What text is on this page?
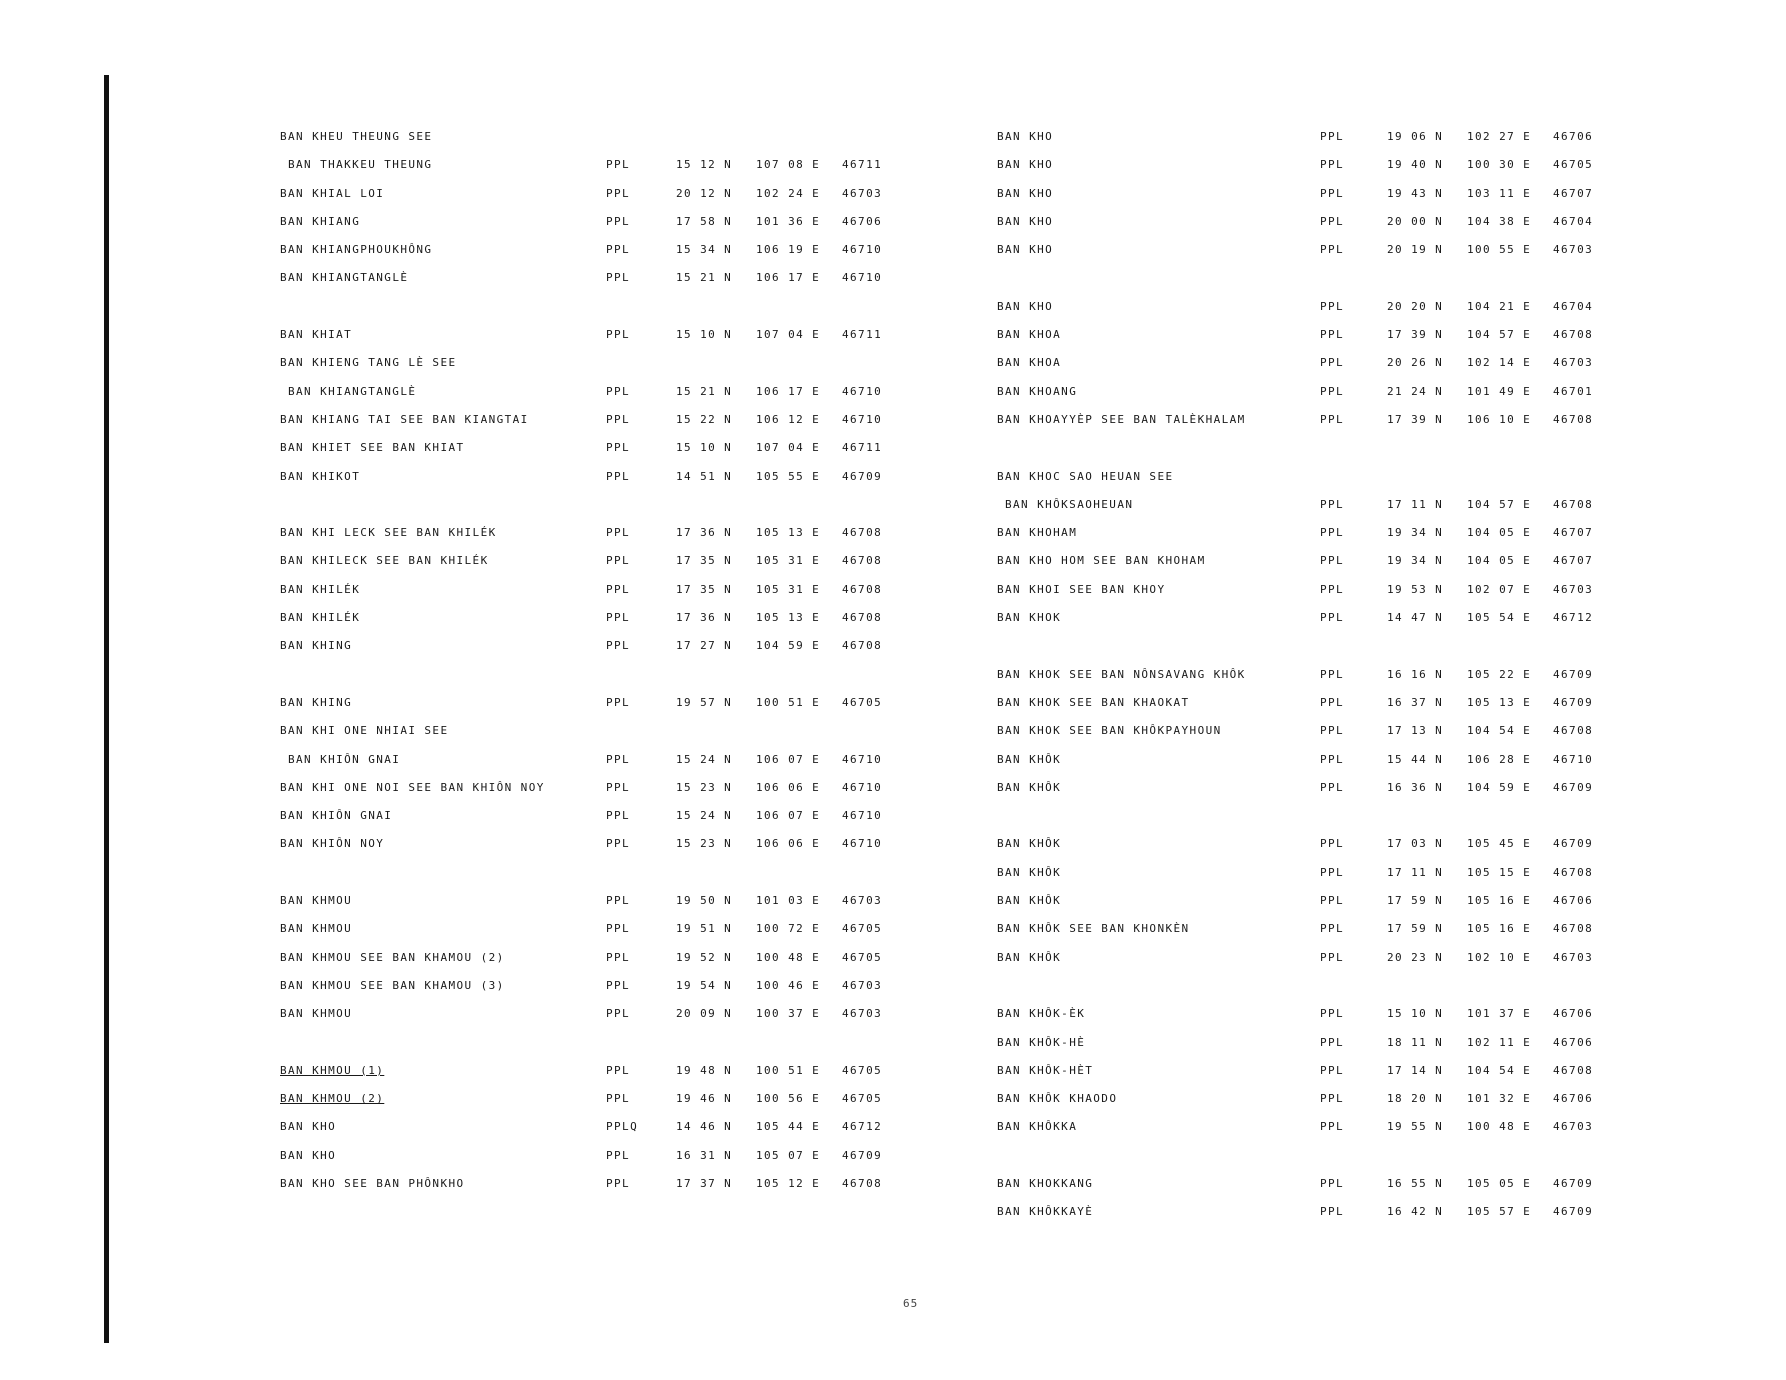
BAN KHEU THEUNG SEE
BAN THAKKEU THEUNG	PPL	15 12 N 107 08 E 46711
BAN KHIAL LOI	PPL	20 12 N 102 24 E 46703
BAN KHIANG	PPL	17 58 N 101 36 E 46706
BAN KHIANGPHOUKHÔNG	PPL	15 34 N 106 19 E 46710
BAN KHIANGTANGLÈ	PPL	15 21 N 106 17 E 46710
BAN KHIAT	PPL	15 10 N 107 04 E 46711
BAN KHIENG TANG LÈ SEE
BAN KHIANGTANGLÈ	PPL	15 21 N 106 17 E 46710
BAN KHIANG TAI SEE BAN KIANGTAI	PPL	15 22 N 106 12 E 46710
BAN KHIET SEE BAN KHIAT	PPL	15 10 N 107 04 E 46711
BAN KHIKOT	PPL	14 51 N 105 55 E 46709
BAN KHI LECK SEE BAN KHILÉK	PPL	17 36 N 105 13 E 46708
BAN KHILECK SEE BAN KHILÉK	PPL	17 35 N 105 31 E 46708
BAN KHILÉK	PPL	17 35 N 105 31 E 46708
BAN KHILÉK	PPL	17 36 N 105 13 E 46708
BAN KHING	PPL	17 27 N 104 59 E 46708
BAN KHING	PPL	19 57 N 100 51 E 46705
BAN KHI ONE NHIAI SEE
BAN KHIÔN GNAI	PPL	15 24 N 106 07 E 46710
BAN KHI ONE NOI SEE BAN KHIÔN NOY	PPL	15 23 N 106 06 E 46710
BAN KHIÔN GNAI	PPL	15 24 N 106 07 E 46710
BAN KHIÔN NOY	PPL	15 23 N 106 06 E 46710
BAN KHMOU	PPL	19 50 N 101 03 E 46703
BAN KHMOU	PPL	19 51 N 100 72 E 46705
BAN KHMOU SEE BAN KHAMOU (2)	PPL	19 52 N 100 48 E 46705
BAN KHMOU SEE BAN KHAMOU (3)	PPL	19 54 N 100 46 E 46703
BAN KHMOU	PPL	20 09 N 100 37 E 46703
BAN KHMOU (1)	PPL	19 48 N 100 51 E 46705
BAN KHMOU (2)	PPL	19 46 N 100 56 E 46705
BAN KHO	PPLQ	14 46 N 105 44 E 46712
BAN KHO	PPL	16 31 N 105 07 E 46709
BAN KHO SEE BAN PHÔNKHO	PPL	17 37 N 105 12 E 46708
BAN KHO	PPL	19 06 N 102 27 E 46706
BAN KHO	PPL	19 40 N 100 30 E 46705
BAN KHO	PPL	19 43 N 103 11 E 46707
BAN KHO	PPL	20 00 N 104 38 E 46704
BAN KHO	PPL	20 19 N 100 55 E 46703
BAN KHO	PPL	20 20 N 104 21 E 46704
BAN KHOA	PPL	17 39 N 104 57 E 46708
BAN KHOA	PPL	20 26 N 102 14 E 46703
BAN KHOANG	PPL	21 24 N 101 49 E 46701
BAN KHOAYYÈP SEE BAN TALÈKHALAM	PPL	17 39 N 106 10 E 46708
BAN KHOC SAO HEUAN SEE
BAN KHÔKSAOHEUAN	PPL	17 11 N 104 57 E 46708
BAN KHOHAM	PPL	19 34 N 104 05 E 46707
BAN KHO HOM SEE BAN KHOHAM	PPL	19 34 N 104 05 E 46707
BAN KHOI SEE BAN KHOY	PPL	19 53 N 102 07 E 46703
BAN KHOK	PPL	14 47 N 105 54 E 46712
BAN KHOK SEE BAN NÔNSAVANG KHÔK	PPL	16 16 N 105 22 E 46709
BAN KHOK SEE BAN KHAOKAT	PPL	16 37 N 105 13 E 46709
BAN KHOK SEE BAN KHÔKPAYHOUN	PPL	17 13 N 104 54 E 46708
BAN KHÔK	PPL	15 44 N 106 28 E 46710
BAN KHÔK	PPL	16 36 N 104 59 E 46709
BAN KHÔK	PPL	17 03 N 105 45 E 46709
BAN KHÔK	PPL	17 11 N 105 15 E 46708
BAN KHÔK	PPL	17 59 N 105 16 E 46706
BAN KHÔK SEE BAN KHONKÈN	PPL	17 59 N 105 16 E 46708
BAN KHÔK	PPL	20 23 N 102 10 E 46703
BAN KHÔK-ÈK	PPL	15 10 N 101 37 E 46706
BAN KHÔK-HÈ	PPL	18 11 N 102 11 E 46706
BAN KHÔK-HÈT	PPL	17 14 N 104 54 E 46708
BAN KHÔK KHAODO	PPL	18 20 N 101 32 E 46706
BAN KHÔKKA	PPL	19 55 N 100 48 E 46703
BAN KHOKKANG	PPL	16 55 N 105 05 E 46709
BAN KHÔKKAYÈ	PPL	16 42 N 105 57 E 46709
65
